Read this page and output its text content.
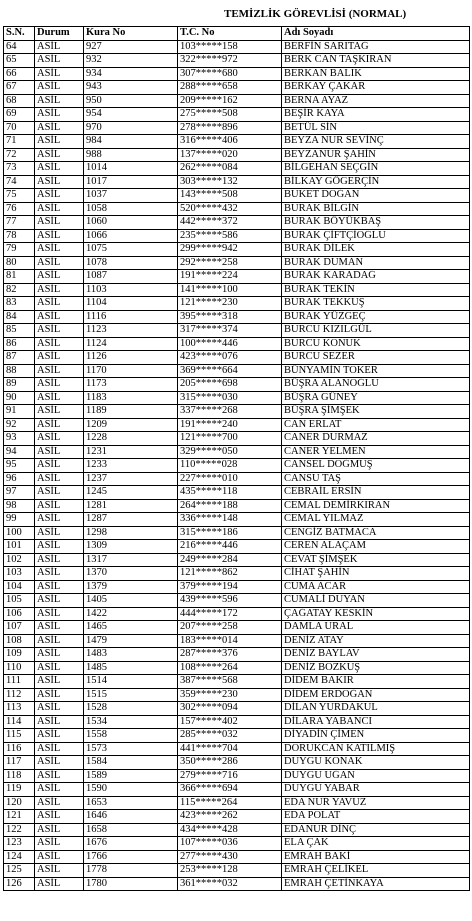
TEMİZLİK GÖREVLİSİ (NORMAL)
S.N.	Durum	Kura No	T.C. No	Adı Soyadı
64	ASİL	927	103*****158	BERFİN SARITAĞ
65	ASİL	932	322*****972	BERK CAN TAŞKIRAN
66	ASİL	934	307*****680	BERKAN BALIK
67	ASİL	943	288*****658	BERKAY ÇAKAR
68	ASİL	950	209*****162	BERNA AYAZ
69	ASİL	954	275*****508	BEŞİR KAYA
70	ASİL	970	278*****896	BETÜL SİN
71	ASİL	984	316*****406	BEYZA NUR SEVİNÇ
72	ASİL	988	137*****020	BEYZANUR ŞAHİN
73	ASİL	1014	262*****084	BİLGEHAN SEÇGİN
74	ASİL	1017	303*****132	BİLKAY GÖGERÇİN
75	ASİL	1037	143*****508	BUKET DOĞAN
76	ASİL	1058	520*****432	BURAK BİLGİN
77	ASİL	1060	442*****372	BURAK BÖYÜKBAŞ
78	ASİL	1066	235*****586	BURAK ÇİFTÇİOĞLU
79	ASİL	1075	299*****942	BURAK DİLEK
80	ASİL	1078	292*****258	BURAK DUMAN
81	ASİL	1087	191*****224	BURAK KARADAĞ
82	ASİL	1103	141*****100	BURAK TEKİN
83	ASİL	1104	121*****230	BURAK TEKKUŞ
84	ASİL	1116	395*****318	BURAK YÜZGEÇ
85	ASİL	1123	317*****374	BURCU KIZILGÜL
86	ASİL	1124	100*****446	BURCU KONUK
87	ASİL	1126	423*****076	BURCU SEZER
88	ASİL	1170	369*****664	BÜNYAMİN TOKER
89	ASİL	1173	205*****698	BÜŞRA ALANOĞLU
90	ASİL	1183	315*****030	BÜŞRA GÜNEY
91	ASİL	1189	337*****268	BÜŞRA ŞİMŞEK
92	ASİL	1209	191*****240	CAN ERLAT
93	ASİL	1228	121*****700	CANER DURMAZ
94	ASİL	1231	329*****050	CANER YELMEN
95	ASİL	1233	110*****028	CANSEL DOĞMUŞ
96	ASİL	1237	227*****010	CANSU TAŞ
97	ASİL	1245	435*****118	CEBRAİL ERSİN
98	ASİL	1281	264*****188	CEMAL DEMİRKIRAN
99	ASİL	1287	336*****148	CEMAL YILMAZ
100	ASİL	1298	315*****186	CENGİZ BATMACA
101	ASİL	1309	216*****446	CEREN ALAÇAM
102	ASİL	1317	249*****284	CEVAT ŞİMŞEK
103	ASİL	1370	121*****862	CİHAT ŞAHİN
104	ASİL	1379	379*****194	CUMA ACAR
105	ASİL	1405	439*****596	CUMALİ DUYAN
106	ASİL	1422	444*****172	ÇAĞATAY KESKİN
107	ASİL	1465	207*****258	DAMLA URAL
108	ASİL	1479	183*****014	DENİZ ATAY
109	ASİL	1483	287*****376	DENİZ BAYLAV
110	ASİL	1485	108*****264	DENİZ BOZKUŞ
111	ASİL	1514	387*****568	DİDEM BAKIR
112	ASİL	1515	359*****230	DİDEM ERDOĞAN
113	ASİL	1528	302*****094	DİLAN YURDAKUL
114	ASİL	1534	157*****402	DİLARA YABANCI
115	ASİL	1558	285*****032	DİYADİN ÇİMEN
116	ASİL	1573	441*****704	DORUKCAN KATILMIŞ
117	ASİL	1584	350*****286	DUYGU KONAK
118	ASİL	1589	279*****716	DUYGU UĞAN
119	ASİL	1590	366*****694	DUYGU YABAR
120	ASİL	1653	115*****264	EDA NUR YAVUZ
121	ASİL	1646	423*****262	EDA POLAT
122	ASİL	1658	434*****428	EDANUR DİNÇ
123	ASİL	1676	107*****036	ELA ÇAK
124	ASİL	1766	277*****430	EMRAH BAKİ
125	ASİL	1778	253*****128	EMRAH ÇELİKEL
126	ASİL	1780	361*****032	EMRAH ÇETİNKAYA
